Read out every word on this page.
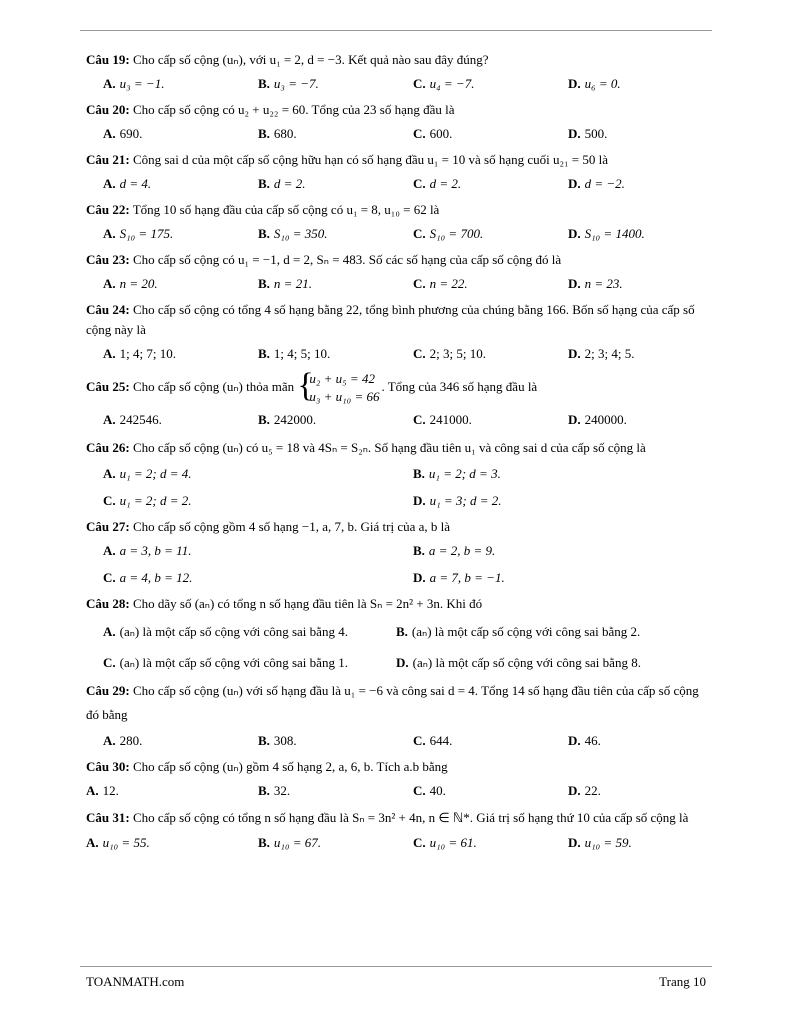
Câu 19: Cho cấp số cộng (uₙ), với u₁ = 2, d = −3. Kết quả nào sau đây đúng?

A. u₃ = −1.	B. u₃ = −7.	C. u₄ = −7.	D. u₆ = 0.

Câu 20: Cho cấp số cộng có u₂ + u₂₂ = 60. Tổng của 23 số hạng đầu là

A. 690.	B. 680.	C. 600.	D. 500.

Câu 21: Công sai d của một cấp số cộng hữu hạn có số hạng đầu u₁ = 10 và số hạng cuối u₂₁ = 50 là

A. d = 4.	B. d = 2.	C. d = 2.	D. d = −2.

Câu 22: Tổng 10 số hạng đầu của cấp số cộng có u₁ = 8, u₁₀ = 62 là

A. S₁₀ = 175.	B. S₁₀ = 350.	C. S₁₀ = 700.	D. S₁₀ = 1400.

Câu 23: Cho cấp số cộng có u₁ = −1, d = 2, Sₙ = 483. Số các số hạng của cấp số cộng đó là

A. n = 20.	B. n = 21.	C. n = 22.	D. n = 23.

Câu 24: Cho cấp số cộng có tổng 4 số hạng bằng 22, tổng bình phương của chúng bằng 166. Bốn số hạng của cấp số cộng này là

A. 1; 4; 7; 10.	B. 1; 4; 5; 10.	C. 2; 3; 5; 10.	D. 2; 3; 4; 5.

Câu 25: Cho cấp số cộng (uₙ) thỏa mãn { u₂ + u₅ = 42
u₃ + u₁₀ = 66. Tổng của 346 số hạng đầu là

A. 242546.	B. 242000.	C. 241000.	D. 240000.

Câu 26: Cho cấp số cộng (uₙ) có u₅ = 18 và 4Sₙ = S₂ₙ. Số hạng đầu tiên u₁ và công sai d của cấp số cộng là

A. u₁ = 2; d = 4.	B. u₁ = 2; d = 3.
C. u₁ = 2; d = 2.	D. u₁ = 3; d = 2.

Câu 27: Cho cấp số cộng gồm 4 số hạng −1, a, 7, b. Giá trị của a, b là

A. a = 3, b = 11.	B. a = 2, b = 9.
C. a = 4, b = 12.	D. a = 7, b = −1.

Câu 28: Cho dãy số (aₙ) có tổng n số hạng đầu tiên là Sₙ = 2n² + 3n. Khi đó

A. (aₙ) là một cấp số cộng với công sai bằng 4.	B. (aₙ) là một cấp số cộng với công sai bằng 2.
C. (aₙ) là một cấp số cộng với công sai bằng 1.	D. (aₙ) là một cấp số cộng với công sai bằng 8.

Câu 29: Cho cấp số cộng (uₙ) với số hạng đầu là u₁ = −6 và công sai d = 4. Tổng 14 số hạng đầu tiên của cấp số cộng đó bằng

A. 280.	B. 308.	C. 644.	D. 46.

Câu 30: Cho cấp số cộng (uₙ) gồm 4 số hạng 2, a, 6, b. Tích a.b bằng

A. 12.	B. 32.	C. 40.	D. 22.

Câu 31: Cho cấp số cộng có tổng n số hạng đầu là Sₙ = 3n² + 4n, n ∈ ℕ*. Giá trị số hạng thứ 10 của cấp số cộng là

A. u₁₀ = 55.	B. u₁₀ = 67.	C. u₁₀ = 61.	D. u₁₀ = 59.
TOANMATH.com	Trang 10
